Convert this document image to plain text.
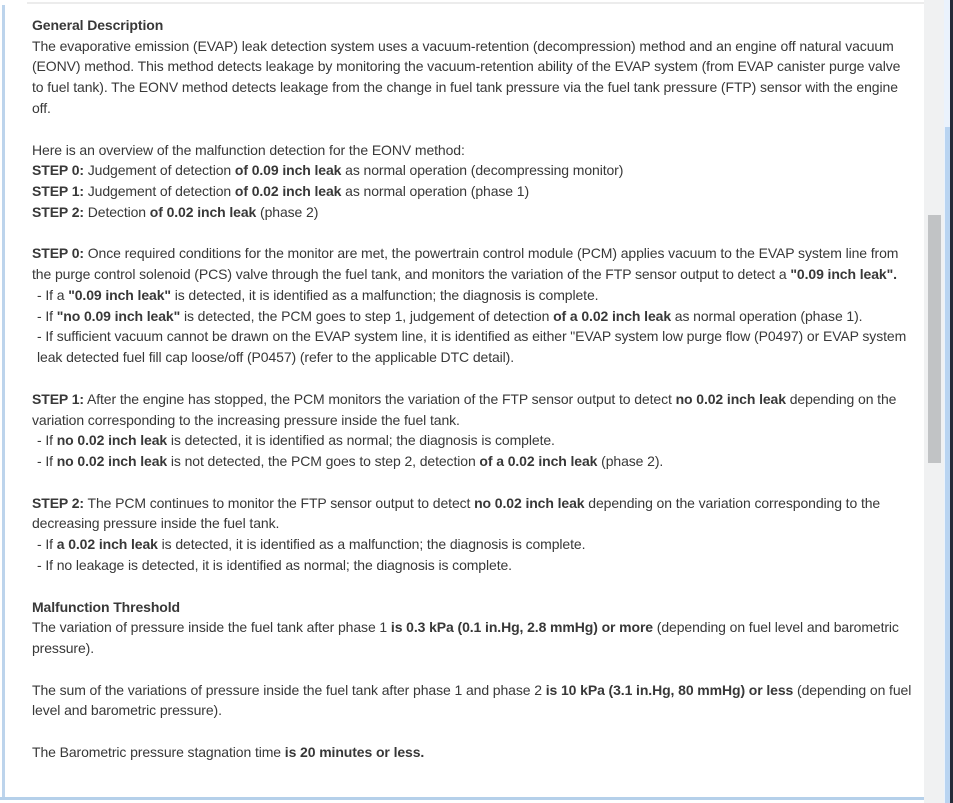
General Description
The evaporative emission (EVAP) leak detection system uses a vacuum-retention (decompression) method and an engine off natural vacuum (EONV) method. This method detects leakage by monitoring the vacuum-retention ability of the EVAP system (from EVAP canister purge valve to fuel tank). The EONV method detects leakage from the change in fuel tank pressure via the fuel tank pressure (FTP) sensor with the engine off.
Here is an overview of the malfunction detection for the EONV method:
STEP 0: Judgement of detection of 0.09 inch leak as normal operation (decompressing monitor)
STEP 1: Judgement of detection of 0.02 inch leak as normal operation (phase 1)
STEP 2: Detection of 0.02 inch leak (phase 2)
STEP 0: Once required conditions for the monitor are met, the powertrain control module (PCM) applies vacuum to the EVAP system line from the purge control solenoid (PCS) valve through the fuel tank, and monitors the variation of the FTP sensor output to detect a "0.09 inch leak".
- If a "0.09 inch leak" is detected, it is identified as a malfunction; the diagnosis is complete.
- If "no 0.09 inch leak" is detected, the PCM goes to step 1, judgement of detection of a 0.02 inch leak as normal operation (phase 1).
- If sufficient vacuum cannot be drawn on the EVAP system line, it is identified as either "EVAP system low purge flow (P0497) or EVAP system leak detected fuel fill cap loose/off (P0457) (refer to the applicable DTC detail).
STEP 1: After the engine has stopped, the PCM monitors the variation of the FTP sensor output to detect no 0.02 inch leak depending on the variation corresponding to the increasing pressure inside the fuel tank.
- If no 0.02 inch leak is detected, it is identified as normal; the diagnosis is complete.
- If no 0.02 inch leak is not detected, the PCM goes to step 2, detection of a 0.02 inch leak (phase 2).
STEP 2: The PCM continues to monitor the FTP sensor output to detect no 0.02 inch leak depending on the variation corresponding to the decreasing pressure inside the fuel tank.
- If a 0.02 inch leak is detected, it is identified as a malfunction; the diagnosis is complete.
- If no leakage is detected, it is identified as normal; the diagnosis is complete.
Malfunction Threshold
The variation of pressure inside the fuel tank after phase 1 is 0.3 kPa (0.1 in.Hg, 2.8 mmHg) or more (depending on fuel level and barometric pressure).
The sum of the variations of pressure inside the fuel tank after phase 1 and phase 2 is 10 kPa (3.1 in.Hg, 80 mmHg) or less (depending on fuel level and barometric pressure).
The Barometric pressure stagnation time is 20 minutes or less.
